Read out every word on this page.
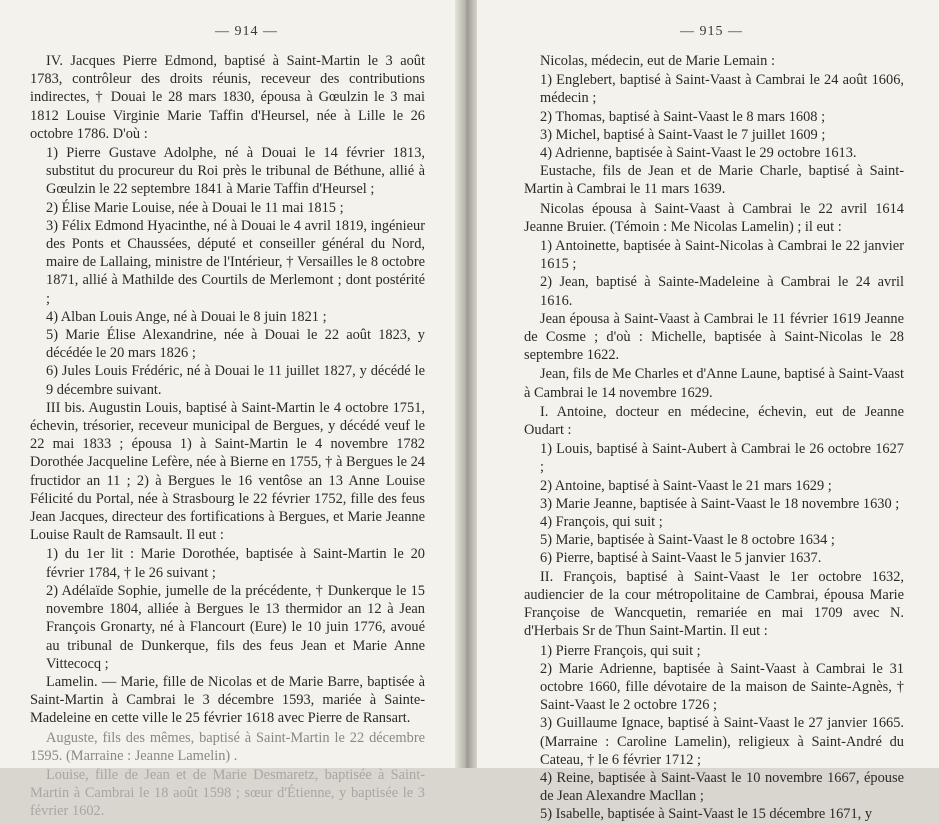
— 914 —

IV. Jacques Pierre Edmond, baptisé à Saint-Martin le 3 août 1783, contrôleur des droits réunis, receveur des contributions indirectes, † Douai le 28 mars 1830, épousa à Gœulzin le 3 mai 1812 Louise Virginie Marie Taffin d'Heursel, née à Lille le 26 octobre 1786. D'où :

1) Pierre Gustave Adolphe, né à Douai le 14 février 1813, substitut du procureur du Roi près le tribunal de Béthune, allié à Gœulzin le 22 septembre 1841 à Marie Taffin d'Heursel ;

2) Élise Marie Louise, née à Douai le 11 mai 1815 ;

3) Félix Edmond Hyacinthe, né à Douai le 4 avril 1819, ingénieur des Ponts et Chaussées, député et conseiller général du Nord, maire de Lallaing, ministre de l'Intérieur, † Versailles le 8 octobre 1871, allié à Mathilde des Courtils de Merlemont ; dont postérité ;

4) Alban Louis Ange, né à Douai le 8 juin 1821 ;

5) Marie Élise Alexandrine, née à Douai le 22 août 1823, y décédée le 20 mars 1826 ;

6) Jules Louis Frédéric, né à Douai le 11 juillet 1827, y décédé le 9 décembre suivant.

III bis. Augustin Louis, baptisé à Saint-Martin le 4 octobre 1751, échevin, trésorier, receveur municipal de Bergues, y décédé veuf le 22 mai 1833 ; épousa 1) à Saint-Martin le 4 novembre 1782 Dorothée Jacqueline Lefère, née à Bierne en 1755, † à Bergues le 24 fructidor an 11 ; 2) à Bergues le 16 ventôse an 13 Anne Louise Félicité du Portal, née à Strasbourg le 22 février 1752, fille des feus Jean Jacques, directeur des fortifications à Bergues, et Marie Jeanne Louise Rault de Ramsault. Il eut :

1) du 1er lit : Marie Dorothée, baptisée à Saint-Martin le 20 février 1784, † le 26 suivant ;

2) Adélaïde Sophie, jumelle de la précédente, † Dunkerque le 15 novembre 1804, alliée à Bergues le 13 thermidor an 12 à Jean François Gronarty, né à Flancourt (Eure) le 10 juin 1776, avoué au tribunal de Dunkerque, fils des feus Jean et Marie Anne Vittecocq ;

Lamelin. — Marie, fille de Nicolas et de Marie Barre, baptisée à Saint-Martin à Cambrai le 3 décembre 1593, mariée à Sainte-Madeleine en cette ville le 25 février 1618 avec Pierre de Ransart.

Auguste, fils des mêmes, baptisé à Saint-Martin le 22 décembre 1595. (Marraine : Jeanne Lamelin) .

Louise, fille de Jean et de Marie Desmaretz, baptisée à Saint-Martin à Cambrai le 18 août 1598 ; sœur d'Étienne, y baptisée le 3 février 1602.

— 915 —

Nicolas, médecin, eut de Marie Lemain :

1) Englebert, baptisé à Saint-Vaast à Cambrai le 24 août 1606, médecin ;

2) Thomas, baptisé à Saint-Vaast le 8 mars 1608 ;

3) Michel, baptisé à Saint-Vaast le 7 juillet 1609 ;

4) Adrienne, baptisée à Saint-Vaast le 29 octobre 1613.

Eustache, fils de Jean et de Marie Charle, baptisé à Saint-Martin à Cambrai le 11 mars 1639.

Nicolas épousa à Saint-Vaast à Cambrai le 22 avril 1614 Jeanne Bruier. (Témoin : Me Nicolas Lamelin) ; il eut :

1) Antoinette, baptisée à Saint-Nicolas à Cambrai le 22 janvier 1615 ;

2) Jean, baptisé à Sainte-Madeleine à Cambrai le 24 avril 1616.

Jean épousa à Saint-Vaast à Cambrai le 11 février 1619 Jeanne de Cosme ; d'où : Michelle, baptisée à Saint-Nicolas le 28 septembre 1622.

Jean, fils de Me Charles et d'Anne Laune, baptisé à Saint-Vaast à Cambrai le 14 novembre 1629.

I. Antoine, docteur en médecine, échevin, eut de Jeanne Oudart :

1) Louis, baptisé à Saint-Aubert à Cambrai le 26 octobre 1627 ;

2) Antoine, baptisé à Saint-Vaast le 21 mars 1629 ;

3) Marie Jeanne, baptisée à Saint-Vaast le 18 novembre 1630 ;

4) François, qui suit ;

5) Marie, baptisée à Saint-Vaast le 8 octobre 1634 ;

6) Pierre, baptisé à Saint-Vaast le 5 janvier 1637.

II. François, baptisé à Saint-Vaast le 1er octobre 1632, audiencier de la cour métropolitaine de Cambrai, épousa Marie Françoise de Wancquetin, remariée en mai 1709 avec N. d'Herbais Sr de Thun Saint-Martin. Il eut :

1) Pierre François, qui suit ;

2) Marie Adrienne, baptisée à Saint-Vaast à Cambrai le 31 octobre 1660, fille dévotaire de la maison de Sainte-Agnès, † Saint-Vaast le 2 octobre 1726 ;

3) Guillaume Ignace, baptisé à Saint-Vaast le 27 janvier 1665. (Marraine : Caroline Lamelin), religieux à Saint-André du Cateau, † le 6 février 1712 ;

4) Reine, baptisée à Saint-Vaast le 10 novembre 1667, épouse de Jean Alexandre Macllan ;

5) Isabelle, baptisée à Saint-Vaast le 15 décembre 1671, y
